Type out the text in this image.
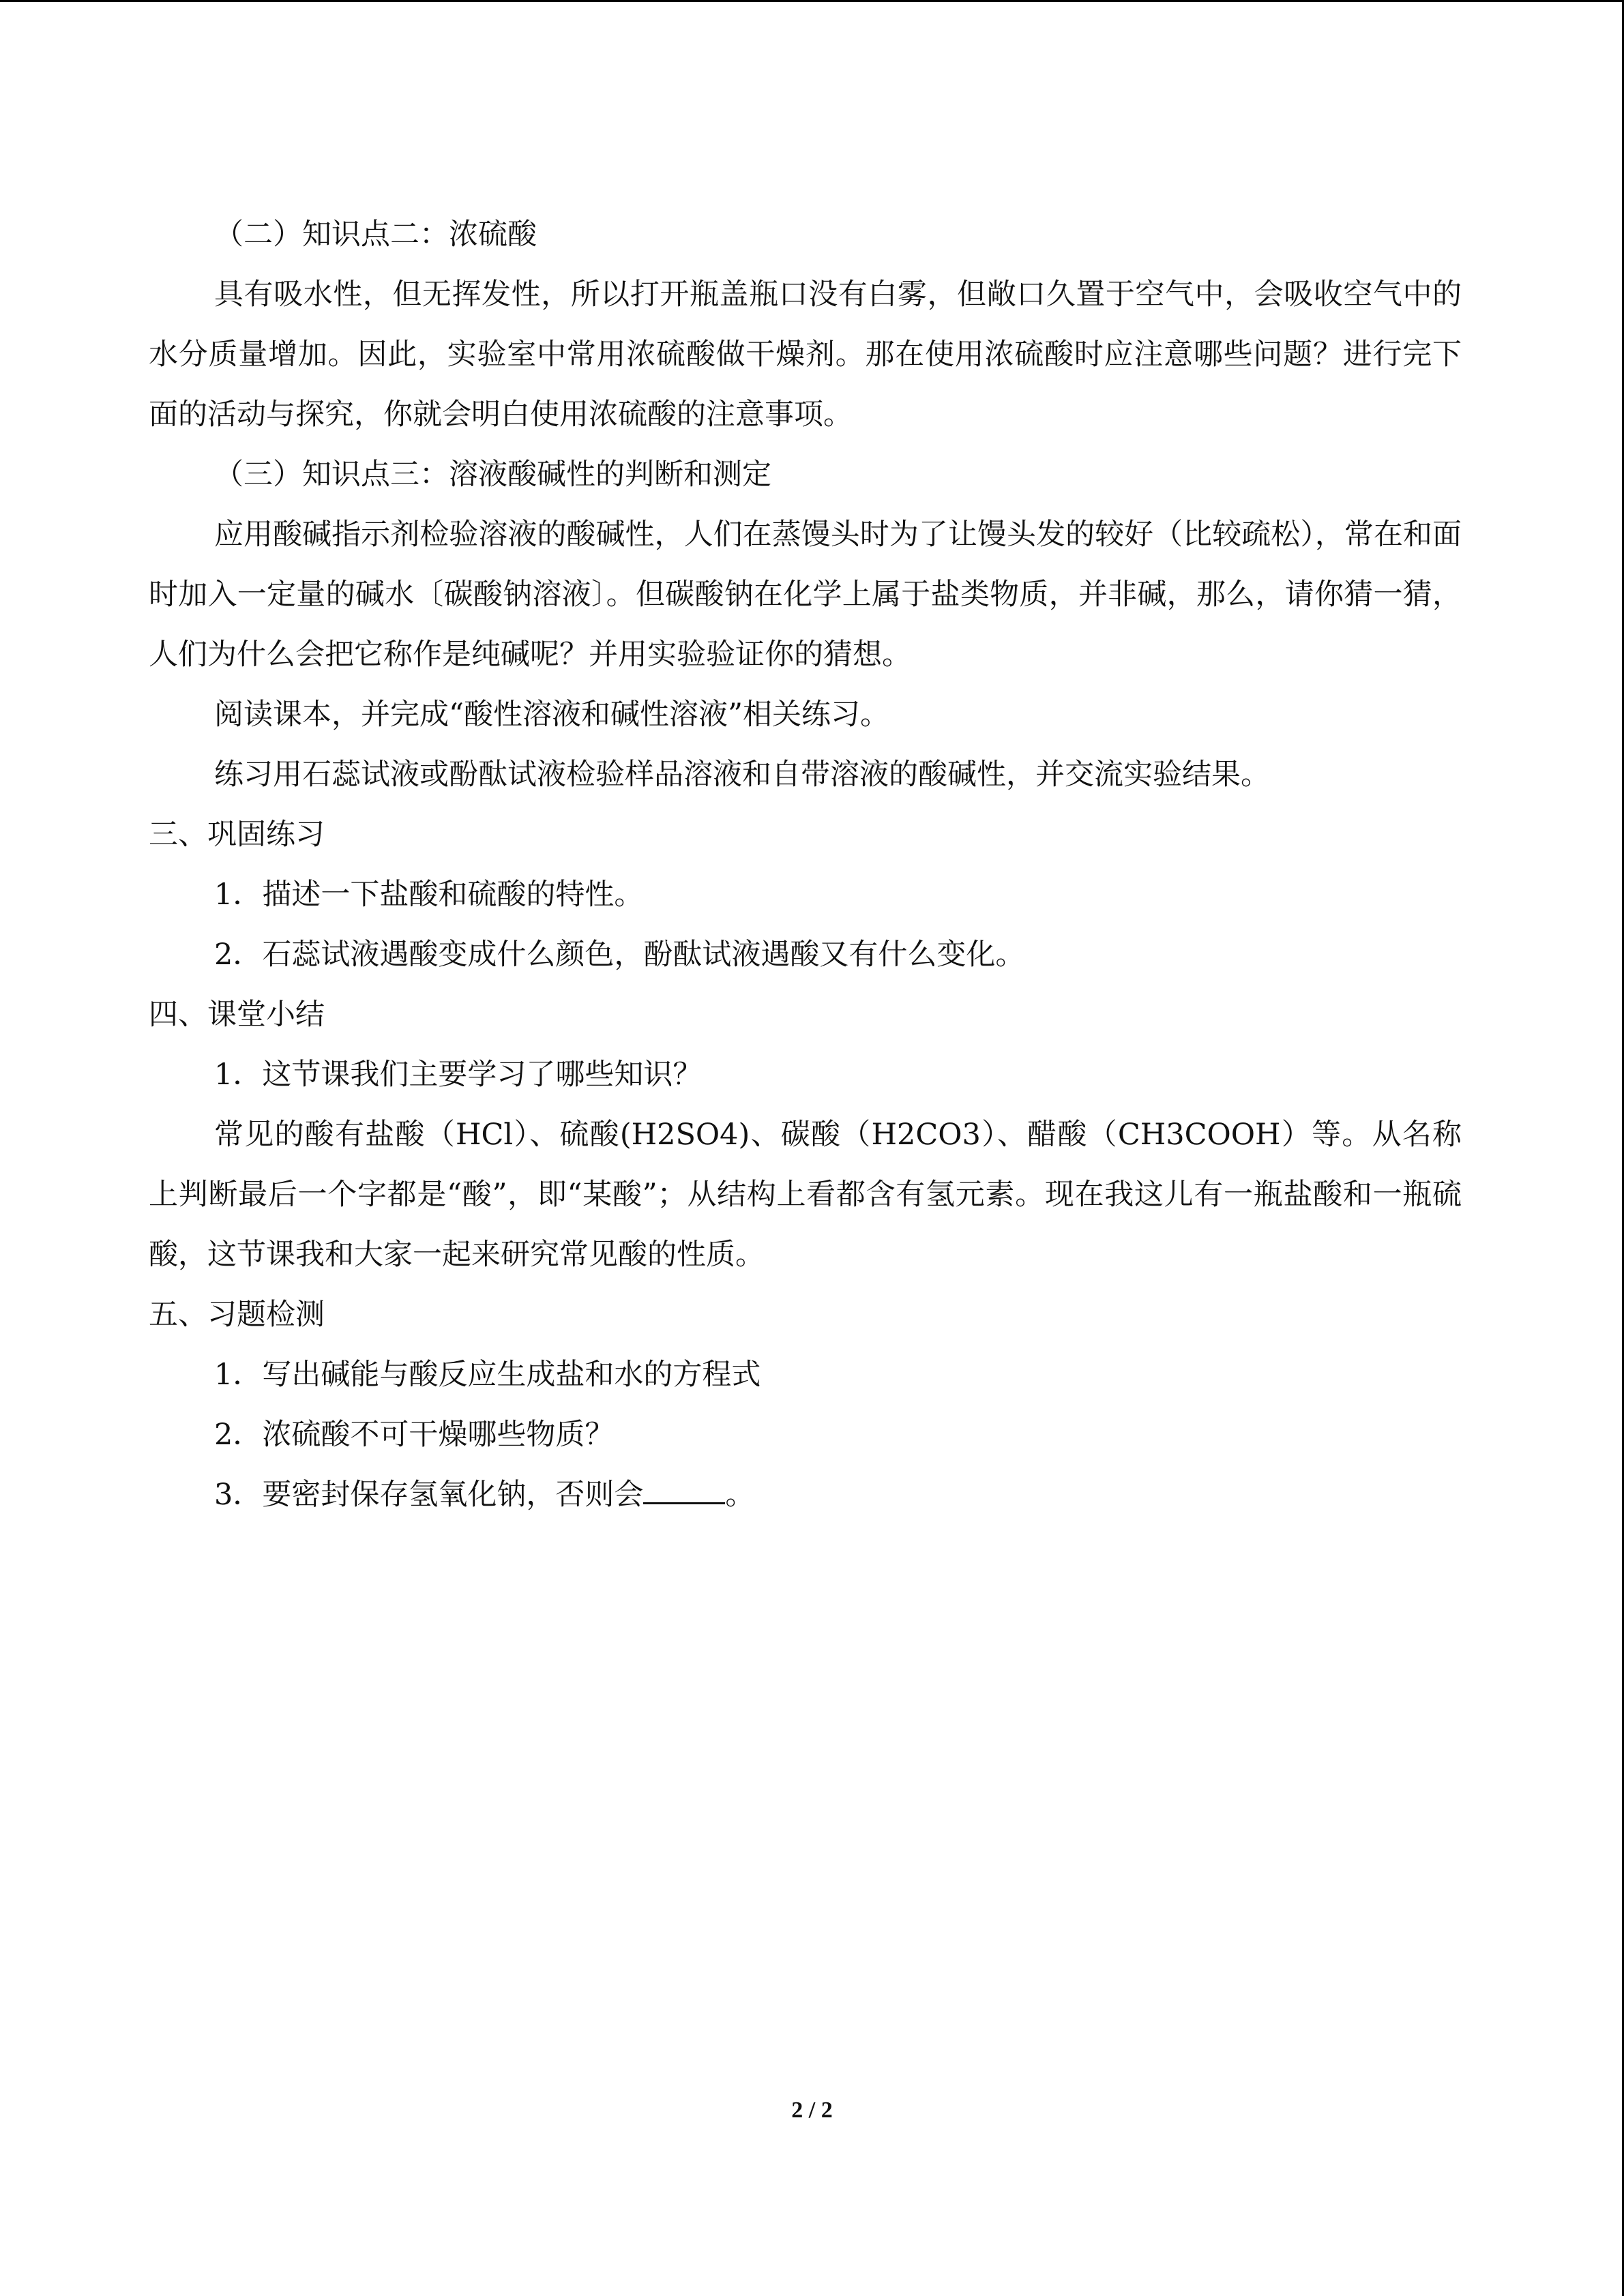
（二）知识点二：浓硫酸

具有吸水性，但无挥发性，所以打开瓶盖瓶口没有白雾，但敞口久置于空气中，会吸收空气中的水分质量增加。因此，实验室中常用浓硫酸做干燥剂。那在使用浓硫酸时应注意哪些问题？进行完下面的活动与探究，你就会明白使用浓硫酸的注意事项。

（三）知识点三：溶液酸碱性的判断和测定

应用酸碱指示剂检验溶液的酸碱性，人们在蒸馒头时为了让馒头发的较好（比较疏松），常在和面时加入一定量的碱水〔碳酸钠溶液〕。但碳酸钠在化学上属于盐类物质，并非碱，那么，请你猜一猜，人们为什么会把它称作是纯碱呢？并用实验验证你的猜想。

阅读课本，并完成“酸性溶液和碱性溶液”相关练习。

练习用石蕊试液或酚酞试液检验样品溶液和自带溶液的酸碱性，并交流实验结果。

三、巩固练习

1．描述一下盐酸和硫酸的特性。

2．石蕊试液遇酸变成什么颜色，酚酞试液遇酸又有什么变化。

四、课堂小结

1．这节课我们主要学习了哪些知识？

常见的酸有盐酸（HCl）、硫酸(H2SO4)、碳酸（H2CO3）、醋酸（CH3COOH）等。从名称上判断最后一个字都是“酸”，即“某酸”；从结构上看都含有氢元素。现在我这儿有一瓶盐酸和一瓶硫酸，这节课我和大家一起来研究常见酸的性质。

五、习题检测

1．写出碱能与酸反应生成盐和水的方程式

2．浓硫酸不可干燥哪些物质？

3．要密封保存氢氧化钠，否则会	。

2 / 2
